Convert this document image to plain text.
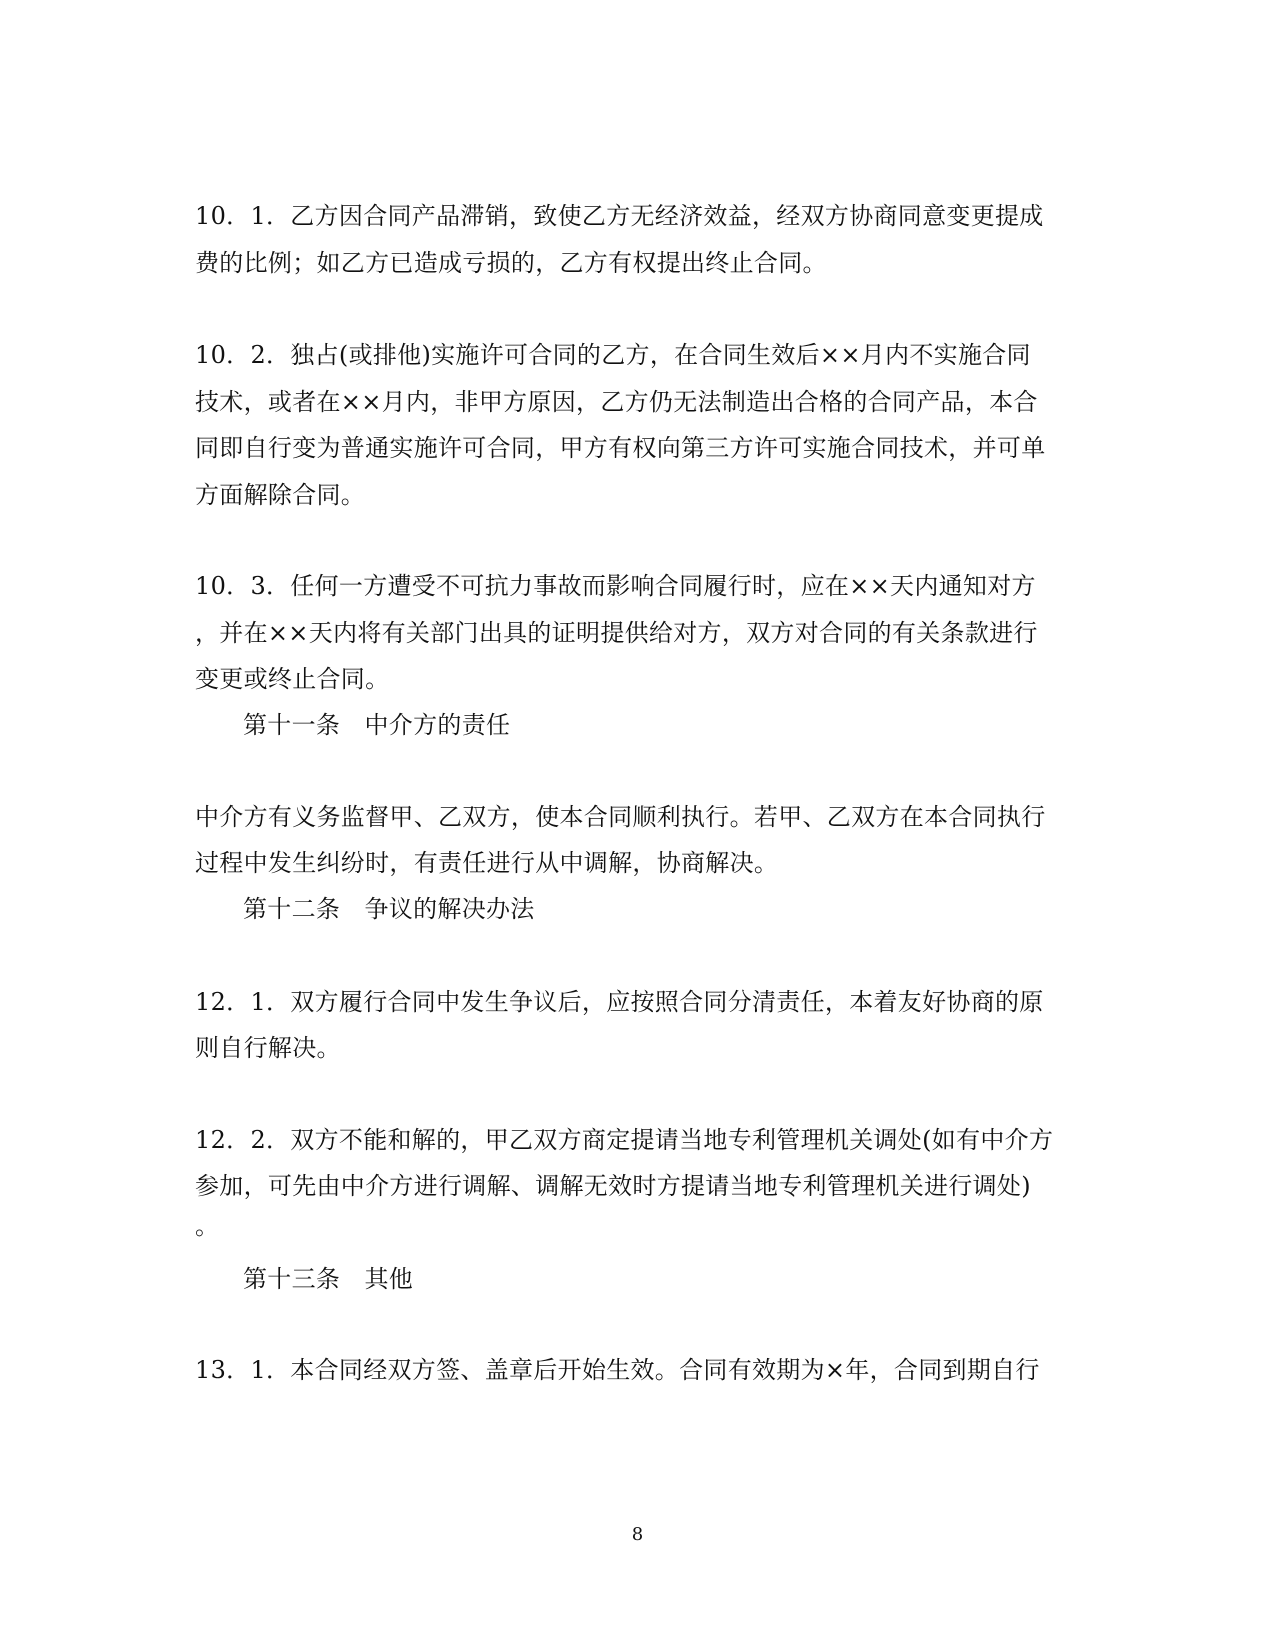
10．1．乙方因合同产品滞销，致使乙方无经济效益，经双方协商同意变更提成
费的比例；如乙方已造成亏损的，乙方有权提出终止合同。
10．2．独占(或排他)实施许可合同的乙方，在合同生效后××月内不实施合同
技术，或者在××月内，非甲方原因，乙方仍无法制造出合格的合同产品，本合
同即自行变为普通实施许可合同，甲方有权向第三方许可实施合同技术，并可单
方面解除合同。
10．3．任何一方遭受不可抗力事故而影响合同履行时，应在××天内通知对方
，并在××天内将有关部门出具的证明提供给对方，双方对合同的有关条款进行
变更或终止合同。
第十一条　中介方的责任
中介方有义务监督甲、乙双方，使本合同顺利执行。若甲、乙双方在本合同执行
过程中发生纠纷时，有责任进行从中调解，协商解决。
第十二条　争议的解决办法
12．1．双方履行合同中发生争议后，应按照合同分清责任，本着友好协商的原
则自行解决。
12．2．双方不能和解的，甲乙双方商定提请当地专利管理机关调处(如有中介方
参加，可先由中介方进行调解、调解无效时方提请当地专利管理机关进行调处)
。
第十三条　其他
13．1．本合同经双方签、盖章后开始生效。合同有效期为×年，合同到期自行
8
